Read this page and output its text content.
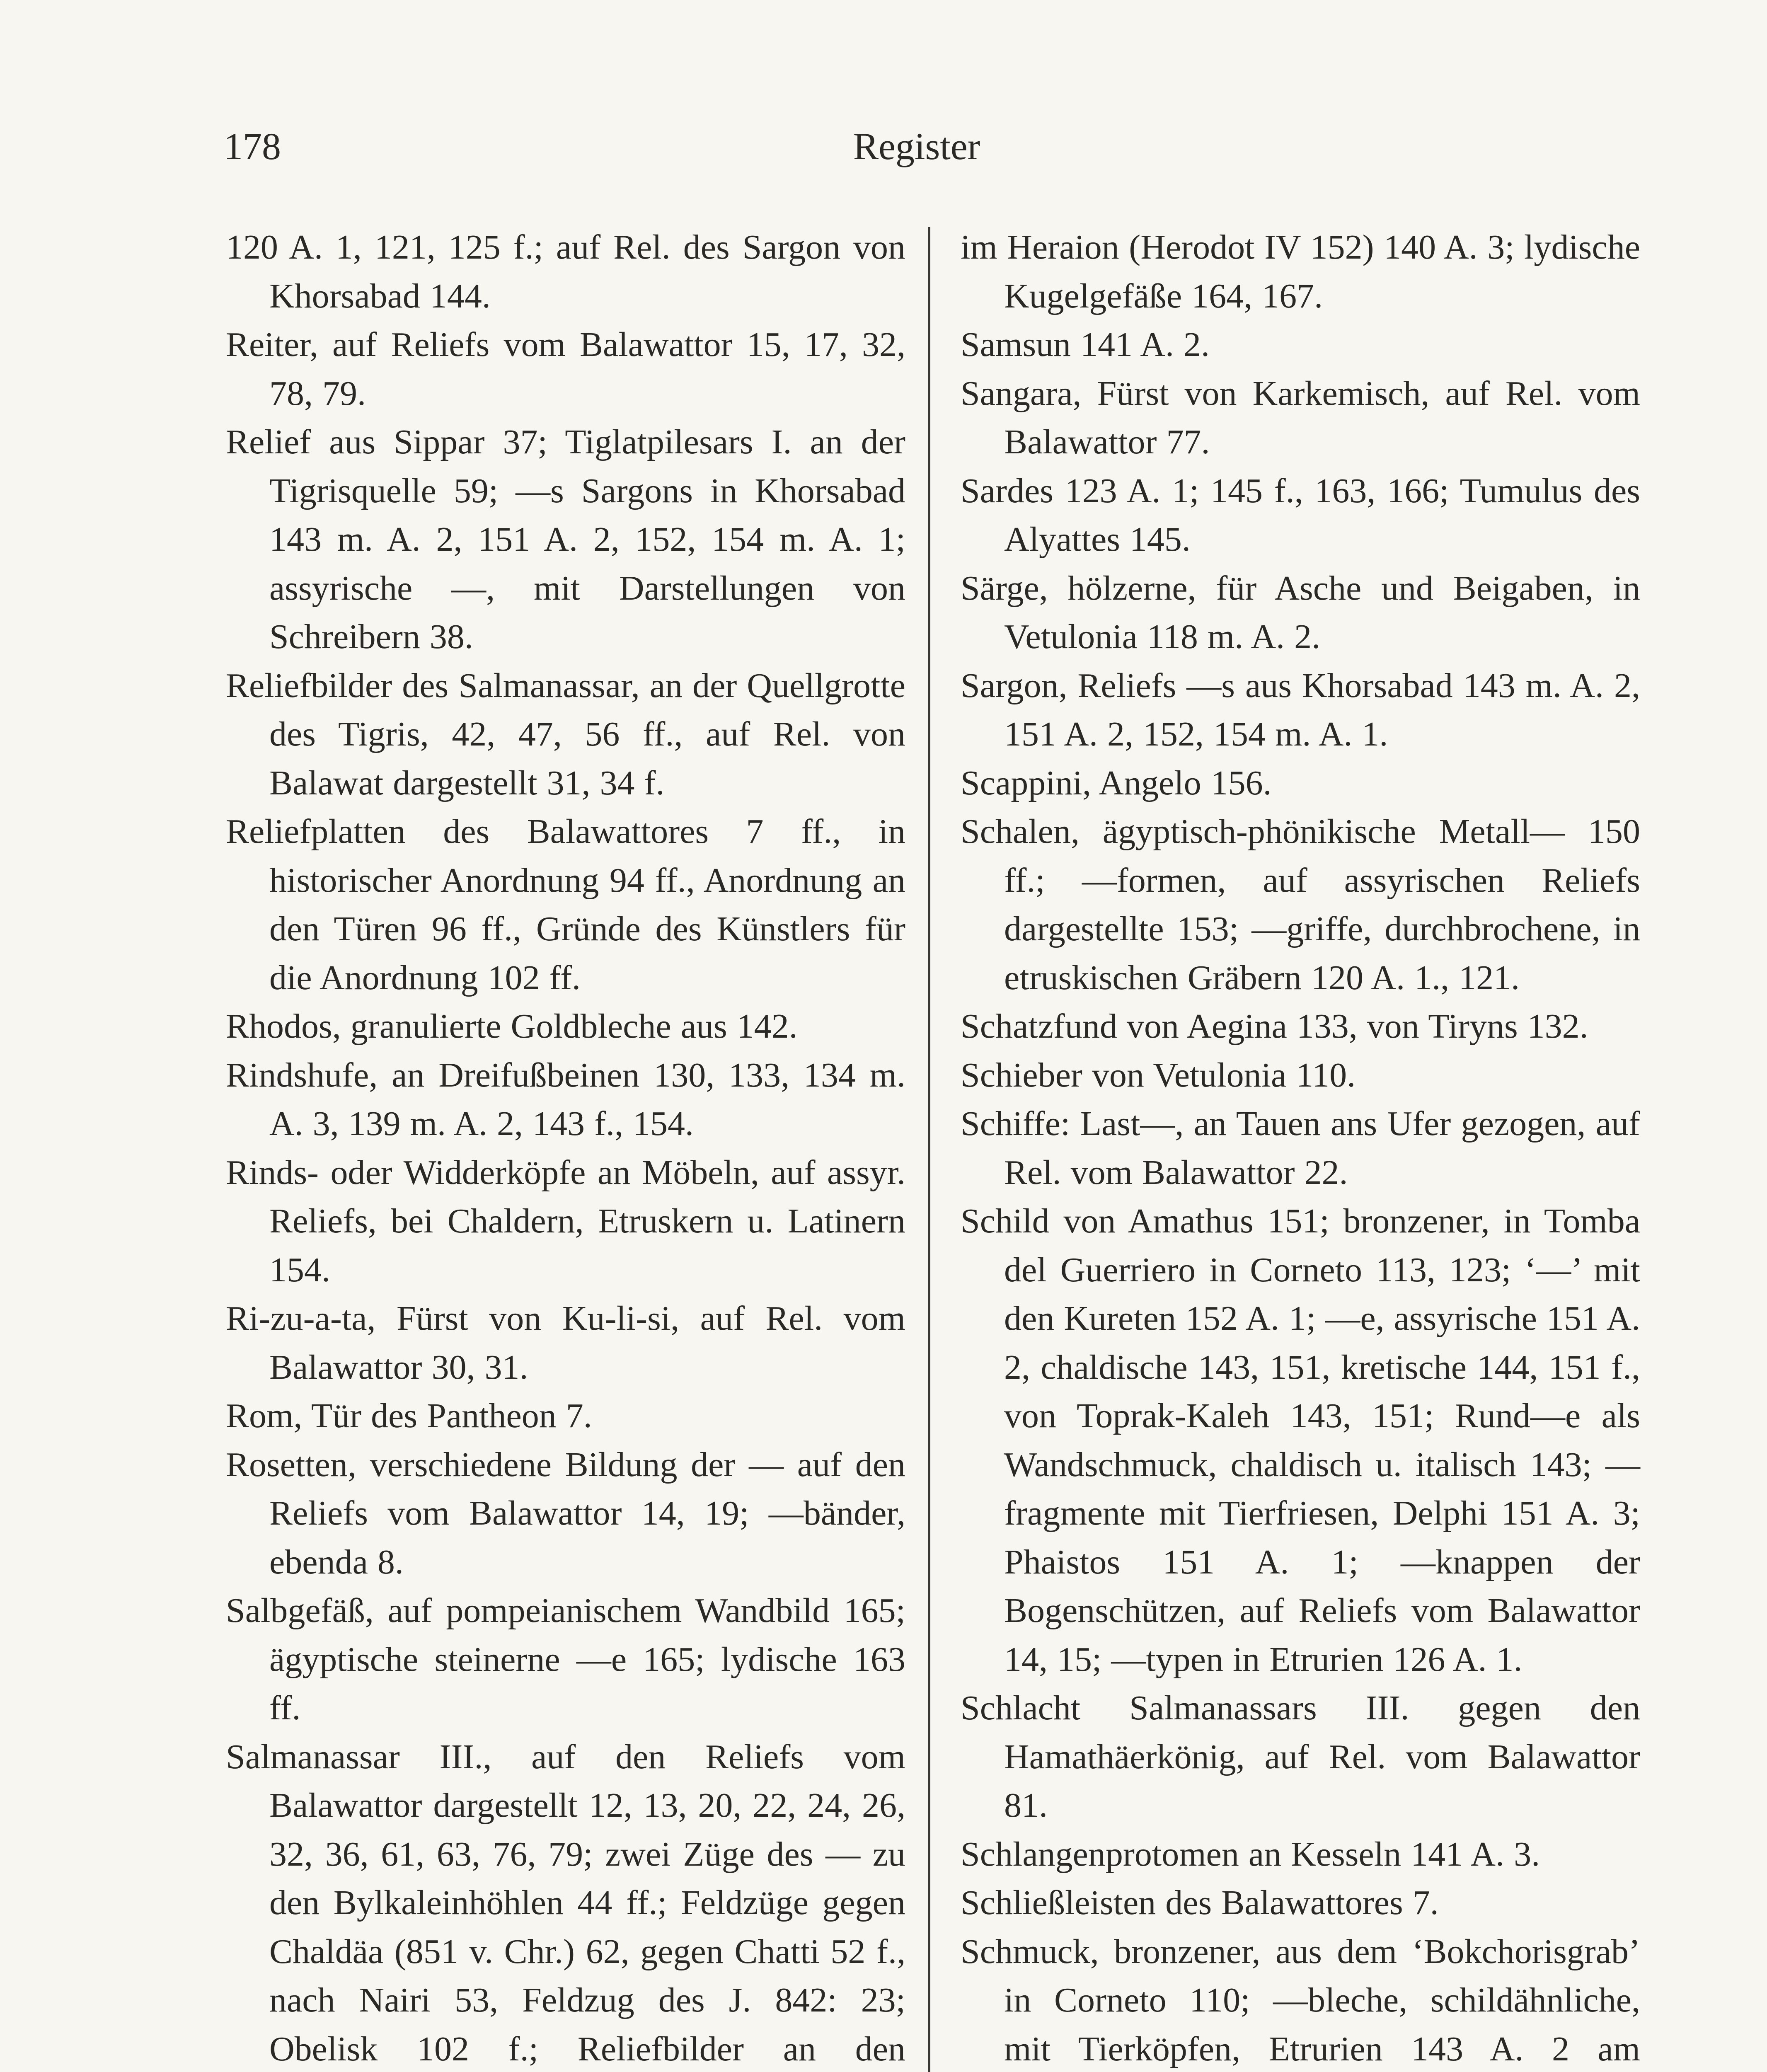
178	Register

120 A. 1, 121, 125 f.; auf Rel. des Sargon von Khorsabad 144.

Reiter, auf Reliefs vom Balawattor 15, 17, 32, 78, 79.

Relief aus Sippar 37; Tiglatpilesars I. an der Tigrisquelle 59; —s Sargons in Khorsabad 143 m. A. 2, 151 A. 2, 152, 154 m. A. 1; assyrische —, mit Darstellungen von Schreibern 38.

Reliefbilder des Salmanassar, an der Quellgrotte des Tigris, 42, 47, 56 ff., auf Rel. von Balawat dargestellt 31, 34 f.

Reliefplatten des Balawattores 7 ff., in historischer Anordnung 94 ff., Anordnung an den Türen 96 ff., Gründe des Künstlers für die Anordnung 102 ff.

Rhodos, granulierte Goldbleche aus 142.

Rindshufe, an Dreifußbeinen 130, 133, 134 m. A. 3, 139 m. A. 2, 143 f., 154.

Rinds- oder Widderköpfe an Möbeln, auf assyr. Reliefs, bei Chaldern, Etruskern u. Latinern 154.

Ri-zu-a-ta, Fürst von Ku-li-si, auf Rel. vom Balawattor 30, 31.

Rom, Tür des Pantheon 7.

Rosetten, verschiedene Bildung der — auf den Reliefs vom Balawattor 14, 19; —bänder, ebenda 8.

Salbgefäß, auf pompeianischem Wandbild 165; ägyptische steinerne —e 165; lydische 163 ff.

Salmanassar III., auf den Reliefs vom Balawattor dargestellt 12, 13, 20, 22, 24, 26, 32, 36, 61, 63, 76, 79; zwei Züge des — zu den Bylkaleinhöhlen 44 ff.; Feldzüge gegen Chaldäa (851 v. Chr.) 62, gegen Chatti 52 f., nach Nairi 53, Feldzug des J. 842: 23; Obelisk 102 f.; Reliefbilder an den

im Heraion (Herodot IV 152) 140 A. 3; lydische Kugelgefäße 164, 167.

Samsun 141 A. 2.

Sangara, Fürst von Karkemisch, auf Rel. vom Balawattor 77.

Sardes 123 A. 1; 145 f., 163, 166; Tumulus des Alyattes 145.

Särge, hölzerne, für Asche und Beigaben, in Vetulonia 118 m. A. 2.

Sargon, Reliefs —s aus Khorsabad 143 m. A. 2, 151 A. 2, 152, 154 m. A. 1.

Scappini, Angelo 156.

Schalen, ägyptisch-phönikische Metall— 150 ff.; —formen, auf assyrischen Reliefs dargestellte 153; —griffe, durchbrochene, in etruskischen Gräbern 120 A. 1., 121.

Schatzfund von Aegina 133, von Tiryns 132.

Schieber von Vetulonia 110.

Schiffe: Last—, an Tauen ans Ufer gezogen, auf Rel. vom Balawattor 22.

Schild von Amathus 151; bronzener, in Tomba del Guerriero in Corneto 113, 123; ‘—’ mit den Kureten 152 A. 1; —e, assyrische 151 A. 2, chaldische 143, 151, kretische 144, 151 f., von Toprak-Kaleh 143, 151; Rund—e als Wandschmuck, chaldisch u. italisch 143; —fragmente mit Tierfriesen, Delphi 151 A. 3; Phaistos 151 A. 1; —knappen der Bogenschützen, auf Reliefs vom Balawattor 14, 15; —typen in Etrurien 126 A. 1.

Schlacht Salmanassars III. gegen den Hamathäerkönig, auf Rel. vom Balawattor 81.

Schlangenprotomen an Kesseln 141 A. 3.

Schließleisten des Balawattores 7.

Schmuck, bronzener, aus dem ‘Bokchorisgrab’ in Corneto 110; —bleche, schildähnliche, mit Tierköpfen, Etrurien 143 A. 2 am
